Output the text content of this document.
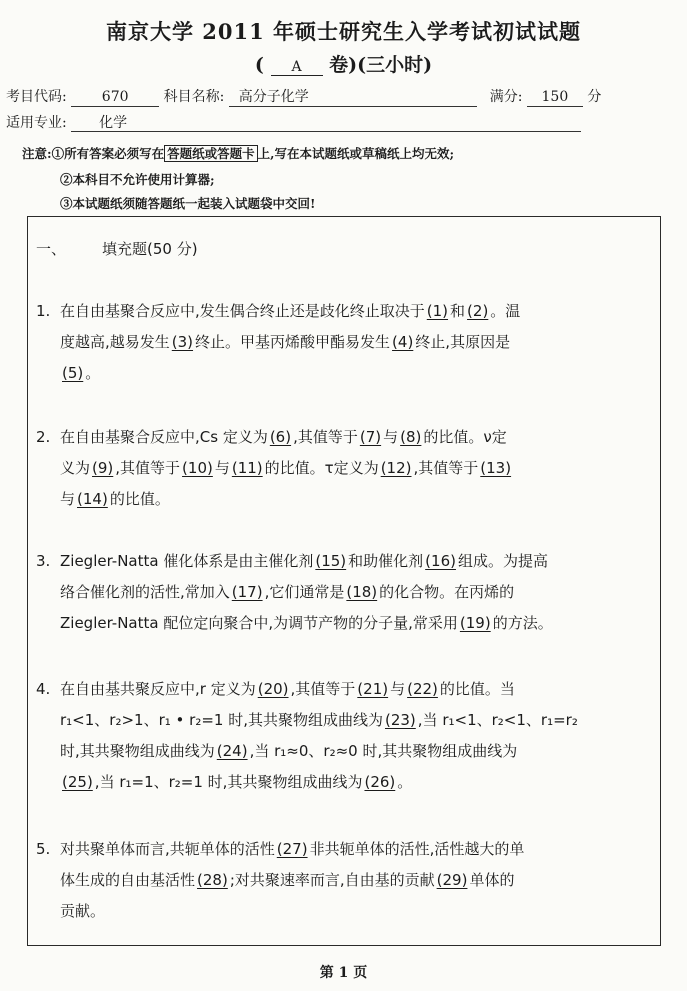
南京大学 2011 年硕士研究生入学考试初试试题
( A 卷)(三小时)
考目代码:	670	科目名称: 高分子化学	满分: 150 分
适用专业: 化学
注意:①所有答案必须写在 答题纸或答题卡 上,写在本试题纸或草稿纸上均无效;
②本科目不允许使用计算器;
③本试题纸须随答题纸一起装入试题袋中交回!
一、 填充题(50 分)
1. 在自由基聚合反应中,发生偶合终止还是歧化终止取决于 (1) 和 (2) 。温
度越高,越易发生 (3) 终止。甲基丙烯酸甲酯易发生 (4) 终止,其原因是
(5) 。
2. 在自由基聚合反应中,Cs 定义为 (6) ,其值等于 (7) 与 (8) 的比值。ν定
义为 (9) ,其值等于 (10) 与 (11) 的比值。τ定义为 (12) ,其值等于 (13)
与 (14) 的比值。
3. Ziegler-Natta 催化体系是由主催化剂 (15) 和助催化剂 (16) 组成。为提高
络合催化剂的活性,常加入 (17) ,它们通常是 (18) 的化合物。在丙烯的
Ziegler-Natta 配位定向聚合中,为调节产物的分子量,常采用 (19) 的方法。
4. 在自由基共聚反应中,r 定义为 (20) ,其值等于 (21) 与 (22) 的比值。当
r₁<1、r₂>1、r₁ • r₂=1 时,其共聚物组成曲线为 (23) ,当 r₁<1、r₂<1、r₁=r₂
时,其共聚物组成曲线为 (24) ,当 r₁≈0、r₂≈0 时,其共聚物组成曲线为
(25) ,当 r₁=1、r₂=1 时,其共聚物组成曲线为 (26) 。
5. 对共聚单体而言,共轭单体的活性 (27) 非共轭单体的活性,活性越大的单
体生成的自由基活性 (28) ;对共聚速率而言,自由基的贡献 (29) 单体的
贡献。
第 1 页
